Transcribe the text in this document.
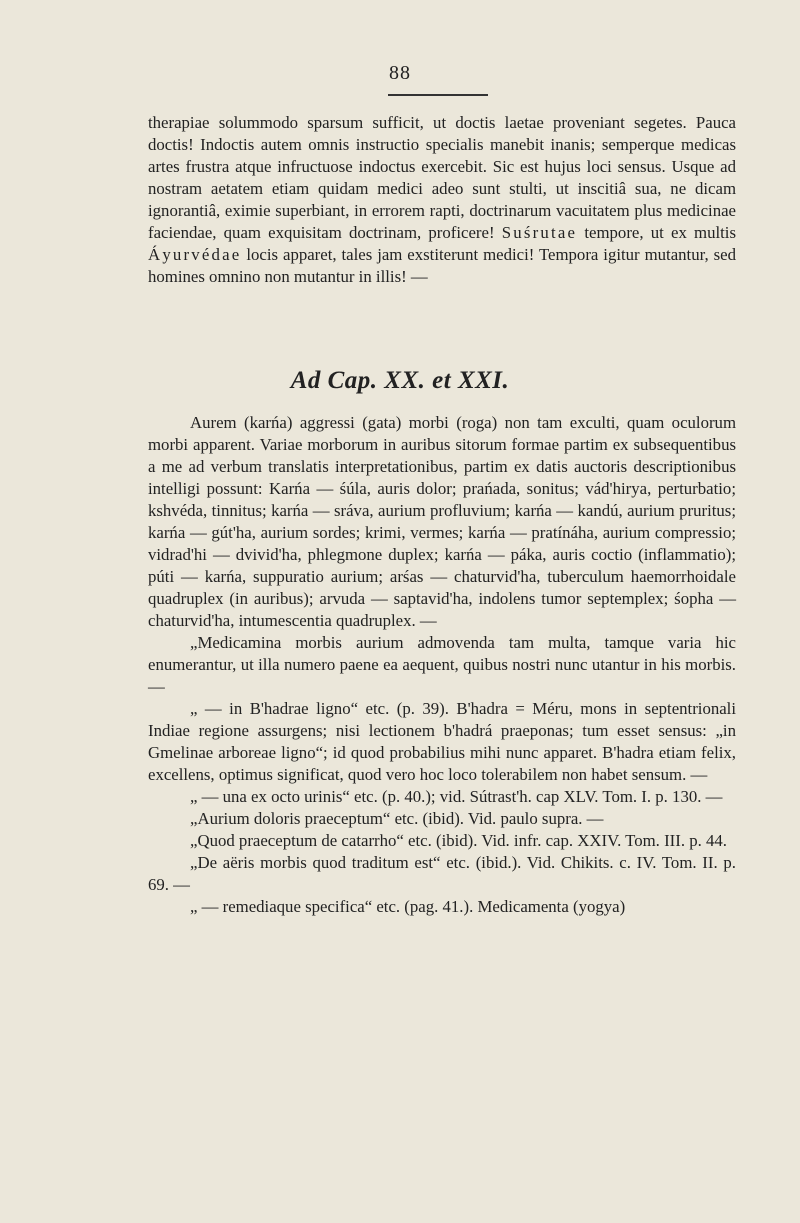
88

therapiae solummodo sparsum sufficit, ut doctis laetae proveniant segetes. Pauca doctis! Indoctis autem omnis instructio specialis manebit inanis; semperque medicas artes frustra atque infructuose indoctus exercebit. Sic est hujus loci sensus. Usque ad nostram aetatem etiam quidam medici adeo sunt stulti, ut inscitiâ sua, ne dicam ignorantiâ, eximie superbiant, in errorem rapti, doctrinarum vacuitatem plus medicinae faciendae, quam exquisitam doctrinam, proficere! Suśrutae tempore, ut ex multis Áyurvédae locis apparet, tales jam exstiterunt medici! Tempora igitur mutantur, sed homines omnino non mutantur in illis! —

Ad Cap. XX. et XXI.

Aurem (karńa) aggressi (gata) morbi (roga) non tam exculti, quam oculorum morbi apparent. Variae morborum in auribus sitorum formae partim ex subsequentibus a me ad verbum translatis interpretationibus, partim ex datis auctoris descriptionibus intelligi possunt: Karńa — śúla, auris dolor; prańada, sonitus; vád'hirya, perturbatio; kshvéda, tinnitus; karńa — sráva, aurium profluvium; karńa — kandú, aurium pruritus; karńa — gút'ha, aurium sordes; krimi, vermes; karńa — pratínáha, aurium compressio; vidrad'hi — dvivid'ha, phlegmone duplex; karńa — páka, auris coctio (inflammatio); púti — karńa, suppuratio aurium; arśas — chaturvid'ha, tuberculum haemorrhoidale quadruplex (in auribus); arvuda — saptavid'ha, indolens tumor septemplex; śopha — chaturvid'ha, intumescentia quadruplex. —

„Medicamina morbis aurium admovenda tam multa, tamque varia hic enumerantur, ut illa numero paene ea aequent, quibus nostri nunc utantur in his morbis. —

„ — in B'hadrae ligno“ etc. (p. 39). B'hadra = Méru, mons in septentrionali Indiae regione assurgens; nisi lectionem b'hadrá praeponas; tum esset sensus: „in Gmelinae arboreae ligno“; id quod probabilius mihi nunc apparet. B'hadra etiam felix, excellens, optimus significat, quod vero hoc loco tolerabilem non habet sensum. —

„ — una ex octo urinis“ etc. (p. 40.); vid. Sútrast'h. cap XLV. Tom. I. p. 130. —

„Aurium doloris praeceptum“ etc. (ibid). Vid. paulo supra. —

„Quod praeceptum de catarrho“ etc. (ibid). Vid. infr. cap. XXIV. Tom. III. p. 44.

„De aëris morbis quod traditum est“ etc. (ibid.). Vid. Chikits. c. IV. Tom. II. p. 69. —

„ — remediaque specifica“ etc. (pag. 41.). Medicamenta (yogya)
